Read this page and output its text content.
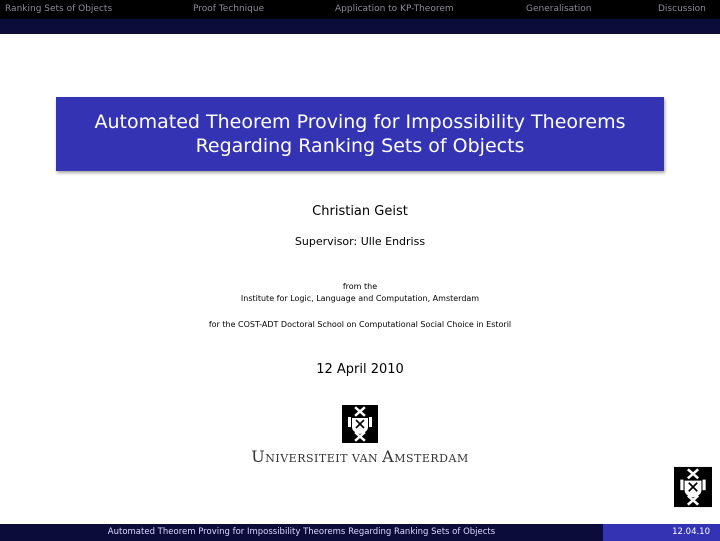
Ranking Sets of Objects	Proof Technique	Application to KP-Theorem	Generalisation	Discussion
Automated Theorem Proving for Impossibility Theorems
Regarding Ranking Sets of Objects
Christian Geist
Supervisor: Ulle Endriss
from the
Institute for Logic, Language and Computation, Amsterdam
for the COST-ADT Doctoral School on Computational Social Choice in Estoril
12 April 2010
UNIVERSITEIT VAN AMSTERDAM
Automated Theorem Proving for Impossibility Theorems Regarding Ranking Sets of Objects	12.04.10
